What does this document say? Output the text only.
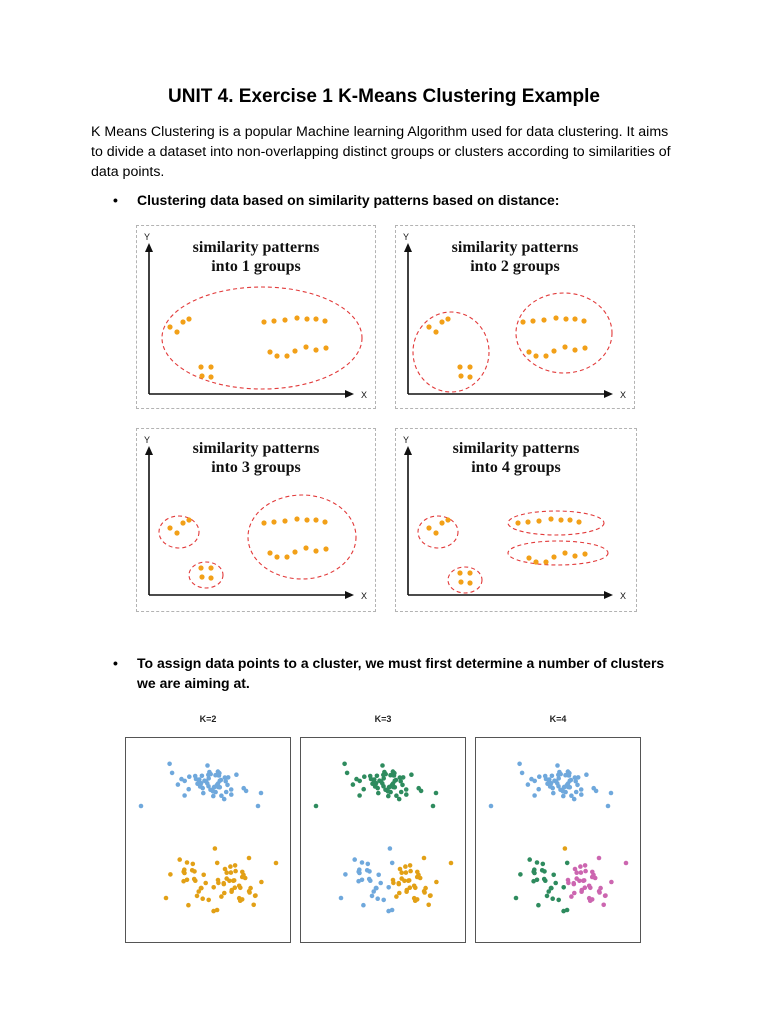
UNIT 4. Exercise 1 K-Means Clustering Example

K Means Clustering is a popular Machine learning Algorithm used for data clustering. It aims to divide a dataset into non-overlapping distinct groups or clusters according to similarities of data points.

• Clustering data based on similarity patterns based on distance:
Y
X
similarity patterns
into 1 groups
Y
X
similarity patterns
into 2 groups
Y
X
similarity patterns
into 3 groups
Y
X
similarity patterns
into 4 groups
• To assign data points to a cluster, we must first determine a number of clusters we are aiming at.
K=2	K=3	K=4
